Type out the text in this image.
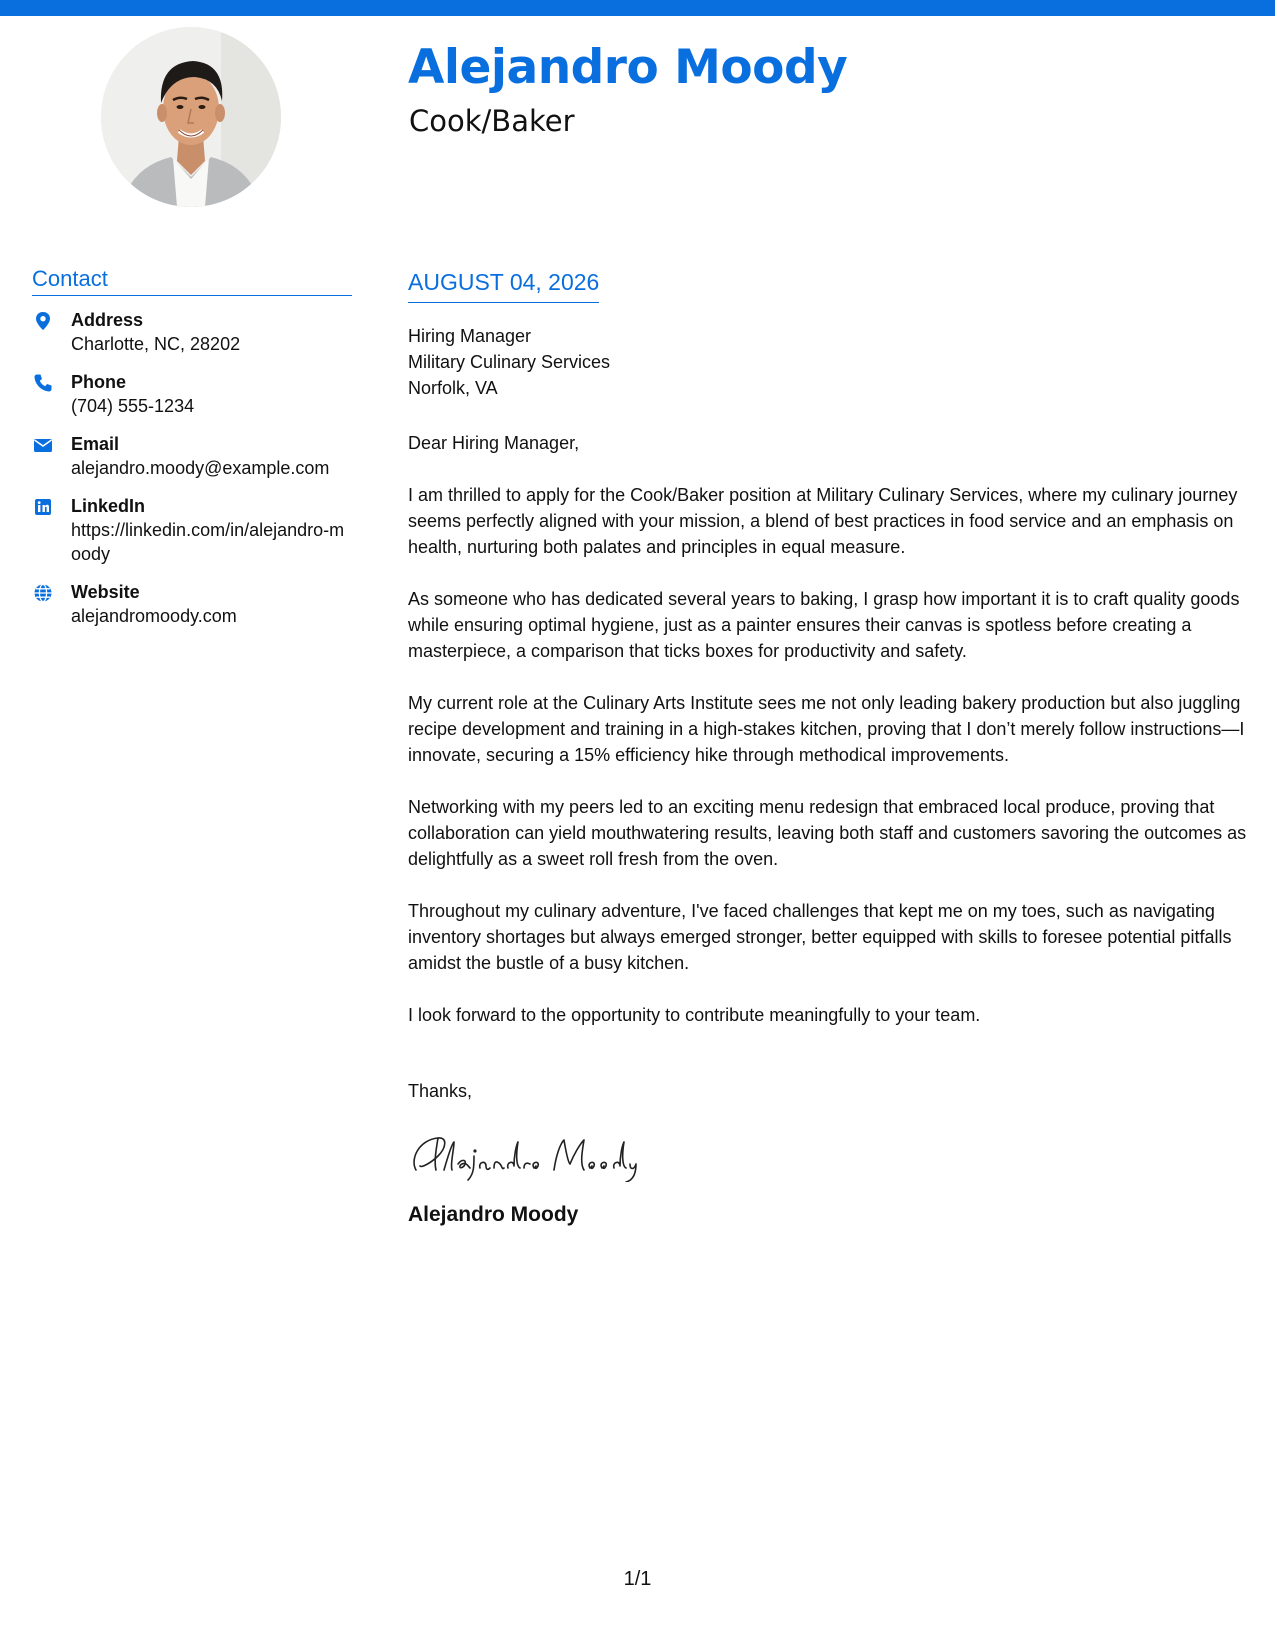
Alejandro Moody
Cook/Baker
Contact
Address
Charlotte, NC, 28202
Phone
(704) 555-1234
Email
alejandro.moody@example.com
LinkedIn
https://linkedin.com/in/alejandro-moody
Website
alejandromoody.com
AUGUST 04, 2026
Hiring Manager
Military Culinary Services
Norfolk, VA
Dear Hiring Manager,
I am thrilled to apply for the Cook/Baker position at Military Culinary Services, where my culinary journey seems perfectly aligned with your mission, a blend of best practices in food service and an emphasis on health, nurturing both palates and principles in equal measure.
As someone who has dedicated several years to baking, I grasp how important it is to craft quality goods while ensuring optimal hygiene, just as a painter ensures their canvas is spotless before creating a masterpiece, a comparison that ticks boxes for productivity and safety.
My current role at the Culinary Arts Institute sees me not only leading bakery production but also juggling recipe development and training in a high-stakes kitchen, proving that I don’t merely follow instructions—I innovate, securing a 15% efficiency hike through methodical improvements.
Networking with my peers led to an exciting menu redesign that embraced local produce, proving that collaboration can yield mouthwatering results, leaving both staff and customers savoring the outcomes as delightfully as a sweet roll fresh from the oven.
Throughout my culinary adventure, I've faced challenges that kept me on my toes, such as navigating inventory shortages but always emerged stronger, better equipped with skills to foresee potential pitfalls amidst the bustle of a busy kitchen.
I look forward to the opportunity to contribute meaningfully to your team.
Thanks,
Alejandro Moody
1/1
